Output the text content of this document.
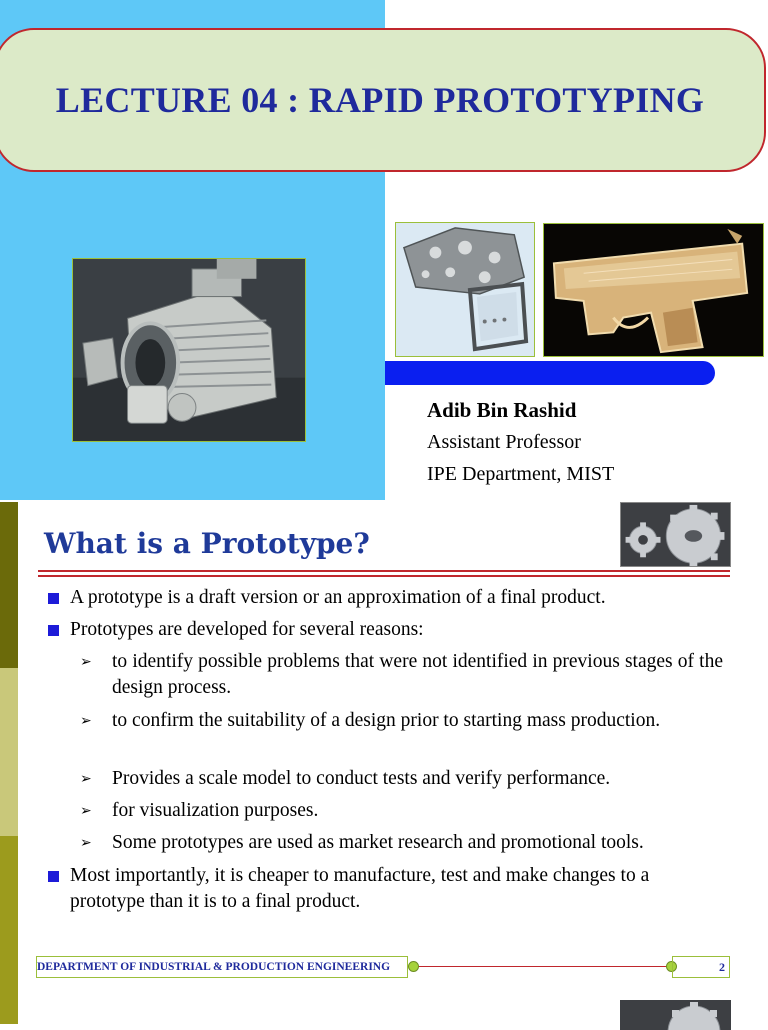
LECTURE 04 : RAPID PROTOTYPING
Adib Bin Rashid
Assistant Professor
IPE Department, MIST
What is a Prototype?
A prototype is a draft version or an approximation of a final product.
Prototypes are developed for several reasons:
➢ to identify possible problems that were not identified in previous stages of the design process.
➢ to confirm the suitability of a design prior to starting mass production.
➢ Provides a scale model to conduct tests and verify performance.
➢ for visualization purposes.
➢ Some prototypes are used as market research and promotional tools.
Most importantly, it is cheaper to manufacture, test and make changes to a prototype than it is to a final product.
DEPARTMENT OF INDUSTRIAL & PRODUCTION ENGINEERING	2
